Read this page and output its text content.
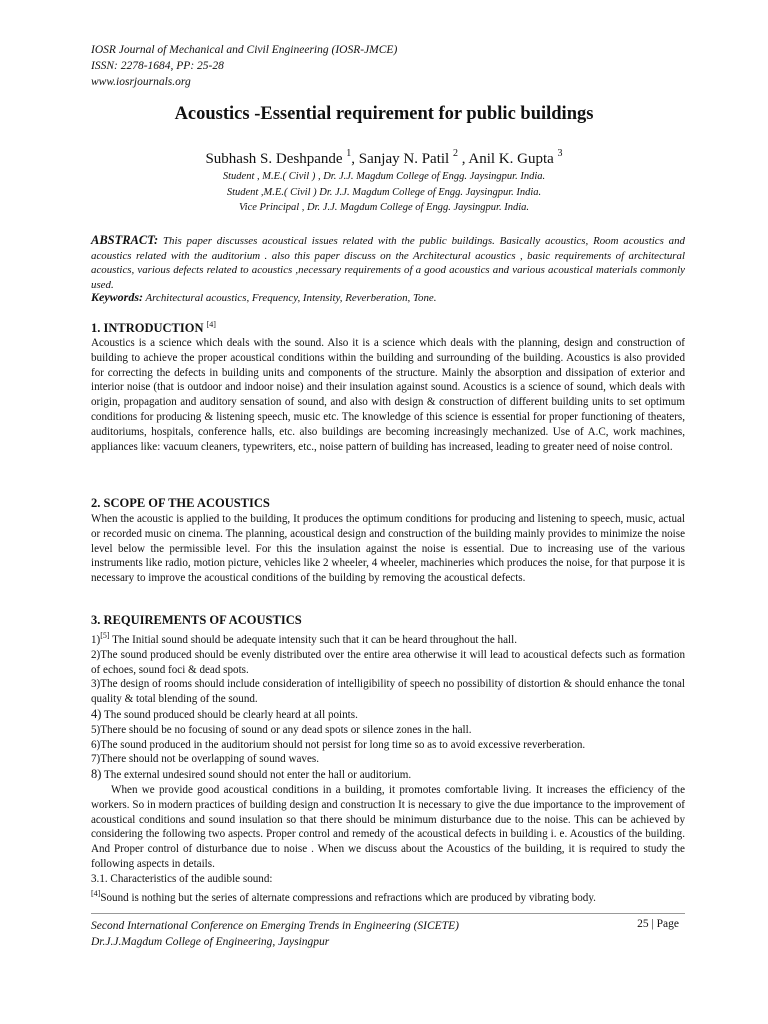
IOSR Journal of Mechanical and Civil Engineering (IOSR-JMCE)
ISSN: 2278-1684, PP: 25-28
www.iosrjournals.org
Acoustics -Essential requirement for public buildings
Subhash S. Deshpande $^1$, Sanjay N. Patil $^2$ , Anil K. Gupta $^3$
Student , M.E.( Civil ) , Dr. J.J. Magdum College of Engg. Jaysingpur. India.
Student ,M.E.( Civil ) Dr. J.J. Magdum College of Engg. Jaysingpur. India.
Vice Principal , Dr. J.J. Magdum College of Engg. Jaysingpur. India.
ABSTRACT: This paper discusses acoustical issues related with the public buildings. Basically acoustics, Room acoustics and acoustics related with the auditorium . also this paper discuss on the Architectural acoustics , basic requirements of architectural acoustics, various defects related to acoustics ,necessary requirements of a good acoustics and various acoustical materials commonly used.
Keywords: Architectural acoustics, Frequency, Intensity, Reverberation, Tone.
1. INTRODUCTION [4]
Acoustics is a science which deals with the sound. Also it is a science which deals with the planning, design and construction of building to achieve the proper acoustical conditions within the building and surrounding of the building. Acoustics is also provided for correcting the defects in building units and components of the structure. Mainly the absorption and dissipation of exterior and interior noise (that is outdoor and indoor noise) and their insulation against sound. Acoustics is a science of sound, which deals with origin, propagation and auditory sensation of sound, and also with design & construction of different building units to set optimum conditions for producing & listening speech, music etc. The knowledge of this science is essential for proper functioning of theaters, auditoriums, hospitals, conference halls, etc. also buildings are becoming increasingly mechanized. Use of A.C, work machines, appliances like: vacuum cleaners, typewriters, etc., noise pattern of building has increased, leading to greater need of noise control.
2. SCOPE OF THE ACOUSTICS
When the acoustic is applied to the building, It produces the optimum conditions for producing and listening to speech, music, actual or recorded music on cinema. The planning, acoustical design and construction of the building mainly provides to minimize the noise level below the permissible level. For this the insulation against the noise is essential. Due to increasing use of the various instruments like radio, motion picture, vehicles like 2 wheeler, 4 wheeler, machineries which produces the noise, for that purpose it is necessary to improve the acoustical conditions of the building by removing the acoustical defects.
3. REQUIREMENTS OF ACOUSTICS
1)[5] The Initial sound should be adequate intensity such that it can be heard throughout the hall.
2)The sound produced should be evenly distributed over the entire area otherwise it will lead to acoustical defects such as formation of echoes, sound foci & dead spots.
3)The design of rooms should include consideration of intelligibility of speech no possibility of distortion & should enhance the tonal quality & total blending of the sound.
4) The sound produced should be clearly heard at all points.
5)There should be no focusing of sound or any dead spots or silence zones in the hall.
6)The sound produced in the auditorium should not persist for long time so as to avoid excessive reverberation.
7)There should not be overlapping of sound waves.
8) The external undesired sound should not enter the hall or auditorium.
When we provide good acoustical conditions in a building, it promotes comfortable living. It increases the efficiency of the workers. So in modern practices of building design and construction It is necessary to give the due importance to the improvement of acoustical conditions and sound insulation so that there should be minimum disturbance due to the noise. This can be achieved by considering the following two aspects. Proper control and remedy of the acoustical defects in building i. e. Acoustics of the building. And Proper control of disturbance due to noise . When we discuss about the Acoustics of the building, it is required to study the following aspects in details.
3.1. Characteristics of the audible sound:
[4]Sound is nothing but the series of alternate compressions and refractions which are produced by vibrating body.
Second International Conference on Emerging Trends in Engineering (SICETE)
Dr.J.J.Magdum College of Engineering, Jaysingpur
25 | Page
